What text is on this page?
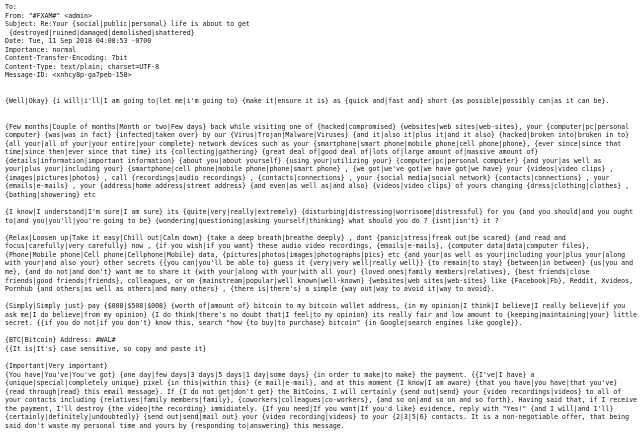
To:
From: "#FXAM#" <admin>
Subject: Re:Your {social|public|personal} life is about to get
{destroyed|ruined|damaged|demolished|shattered}
Date: Tue, 11 Sep 2018 04:08:53 -0700
Importance: normal
Content-Transfer-Encoding: 7bit
Content-Type: text/plain; charset=UTF-8
Message-ID: <xnhcy8p-ga7peb-158>

{Well|Okay} {i will|i'll|I am going to|let me|i'm going to} {make it|ensure it is} as {quick and|fast and} short {as possible|possibly can|as it can be}.

{Few months|Couple of months|Month or two|Few days} back while visiting one of {hacked|compromised} {websites|web sites|web-sites}, your {computer|pc|personal computer} {was|was in fact} {infected|taken over} by our {Virus|Trojan|Malware|Viruses} {and it|also it|plus it|and it also} {hacked|broken into|broken in to} {all your|all of your|your entire|your complete} network devices such as your {smartphone|smart phone|mobile phone|cell phone|phone}, {ever since|since that time|since then|ever since that time} its {collecting|gathering} {great deal of|good deal of|lots of|large amount of|massive amount of} {details|information|important information} {about you|about yourself} {using your|utilizing your} {computer|pc|personal computer} {and your|as well as your|plus your|including your} {smartphone|cell phone|mobile phone|phone|smart phone} , {we got|we've got|we have got|we have} your {videos|video clips} , {images|pictures|photos} , call {recordings|audio recordings} , {contacts|connections} , your {social media|social network} {contacts|connections} , your {emails|e-mails} , your {address|home address|street address} {and even|as well as|and also} {videos|video clips} of yours changing {dress|clothing|clothes} , {bathing|showering} etc

{I know|I understand|I'm sure|I am sure} its {quite|very|really|extremely} {disturbing|distressing|worrisome|distressful} for you {and you should|and you ought to|and you|you'll|you're going to be} {wondering|questioning|asking yourself|thinking} what should you do ? {isnt|isn't} it ?

{Relax|Loosen up|Take it easy|Chill out|Calm down} {take a deep breath|breathe deeply} , dont {panic|stress|freak out|be scared} {and read and focus|carefully|very carefully} now , {if you wish|if you want} these audio video recordings, {emails|e-mails}, {computer data|data|computer files}, {Phone|Mobile phone|Cell phone|Cellphone|Mobile} data, {pictures|photos|images|photographs|pics} etc {and your|as well as your|including your|plus your|along with your|and also your} other secrets {{you can|you'll be able to} guess it {very|very well|really well}} {to remain|to stay} {between|in between} {us|you and me}, {and do not|and don't} want me to share it {with your|along with your|with all your} {loved ones|family members|relatives}, {best friends|close friends|good friends|friends}, colleagues, or on {mainstream|popular|well known|well-known} {websites|web sites|web-sites} like {Facebook|Fb}, Reddit, Xvideos, Pornhub {and others|as well as others|and many others} , {there is|there's} a simple {way out|way to avoid it|way to avoid}.

{Simply|Simply just} pay {$008|$508|$008} {worth of|amount of} bitcoin to my bitcoin wallet address, {in my opinion|I think|I believe|I really believe|if you ask me|I do believe|from my opinion} {I do think|there's no doubt that|I feel|to my opinion} its really fair and low amount to {keeping|maintaining|your} little secret. {{if you do not|if you don't} know this, search "how {to buy|to purchase} bitcoin" {in Google|search engines like google}}.

{BTC|Bitcoin} Address: #WAL#

{{It is|It's} case sensitive, so copy and paste it}

{Important|Very important}

{You have|You've|You've got} {one day|few days|3 days|5 days|1 day|some days} {in order to make|to make} the payment. {{I've|I have} a {unique|special|completely unique} pixel {in this|within this} {e mail|e-mail}, and at this moment {I know|I am aware} {that you have|you have|that you've} {read through|read} this email message}. If {I do not get|don't get} the BitCoins, I will certainly {send out|send} your {video recordings|videos} to all of your contacts including {relatives|family members|family}, {coworkers|colleagues|co-workers}, {and so on|and so on and so forth}. Having said that, if I receive the payment, I'll destroy {the video|the recording} immidiately. {If you need|If you want|If you'd like} evidence, reply with "Yes!" {and I will|and I'll} {certainly|definitely|undoubtedly} {send out|send|mail out} your {video recording|videos} to your {2|3|5|6} contacts. It is a non-negotiable offer, that being said don't waste my personal time and yours by {responding to|answering} this message.
